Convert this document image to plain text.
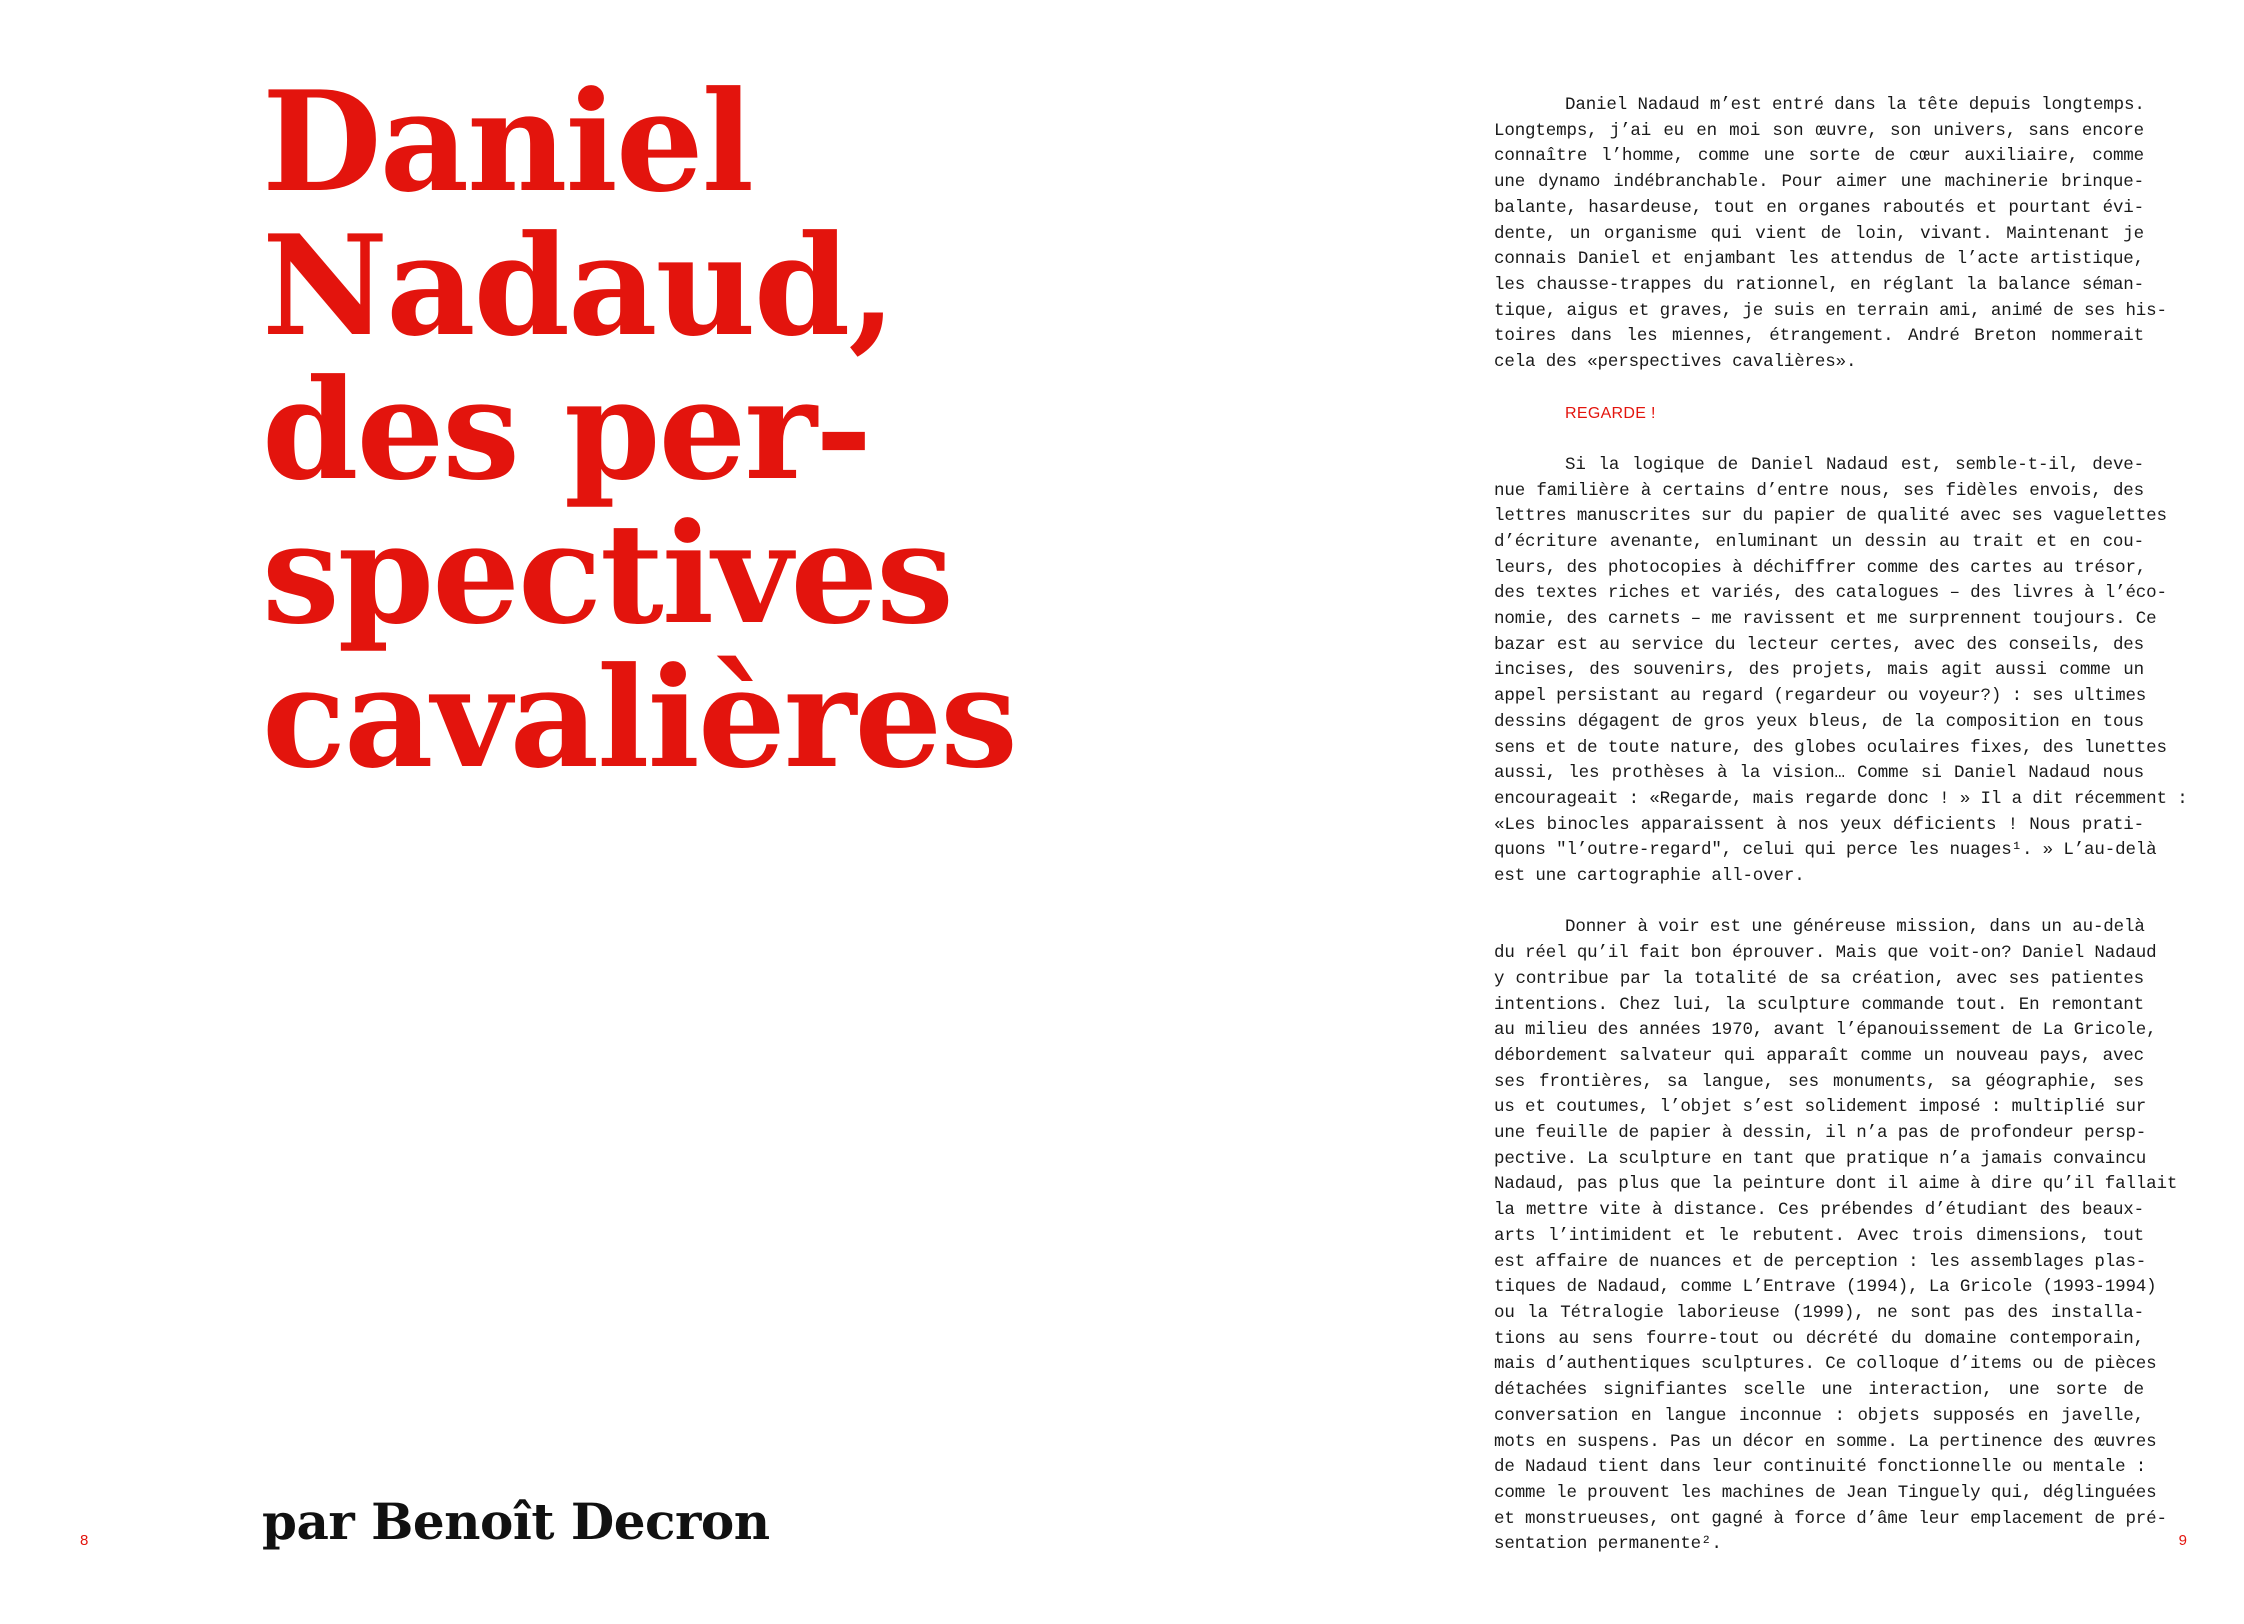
Daniel
Nadaud,
des per-
spectives
cavalières
par Benoît Decron
8

Daniel Nadaud m’est entré dans la tête depuis longtemps.
Longtemps, j’ai eu en moi son œuvre, son univers, sans encore
connaître l’homme, comme une sorte de cœur auxiliaire, comme
une dynamo indébranchable. Pour aimer une machinerie brinque-
balante, hasardeuse, tout en organes raboutés et pourtant évi-
dente, un organisme qui vient de loin, vivant. Maintenant je
connais Daniel et enjambant les attendus de l’acte artistique,
les chausse-trappes du rationnel, en réglant la balance séman-
tique, aigus et graves, je suis en terrain ami, animé de ses his-
toires dans les miennes, étrangement. André Breton nommerait
cela des «perspectives cavalières».

REGARDE !

Si la logique de Daniel Nadaud est, semble-t-il, deve-
nue familière à certains d’entre nous, ses fidèles envois, des
lettres manuscrites sur du papier de qualité avec ses vaguelettes
d’écriture avenante, enluminant un dessin au trait et en cou-
leurs, des photocopies à déchiffrer comme des cartes au trésor,
des textes riches et variés, des catalogues – des livres à l’éco-
nomie, des carnets – me ravissent et me surprennent toujours. Ce
bazar est au service du lecteur certes, avec des conseils, des
incises, des souvenirs, des projets, mais agit aussi comme un
appel persistant au regard (regardeur ou voyeur?) : ses ultimes
dessins dégagent de gros yeux bleus, de la composition en tous
sens et de toute nature, des globes oculaires fixes, des lunettes
aussi, les prothèses à la vision… Comme si Daniel Nadaud nous
encourageait : «Regarde, mais regarde donc ! » Il a dit récemment :
«Les binocles apparaissent à nos yeux déficients ! Nous prati-
quons "l’outre-regard", celui qui perce les nuages¹. » L’au-delà
est une cartographie all-over.

Donner à voir est une généreuse mission, dans un au-delà
du réel qu’il fait bon éprouver. Mais que voit-on? Daniel Nadaud
y contribue par la totalité de sa création, avec ses patientes
intentions. Chez lui, la sculpture commande tout. En remontant
au milieu des années 1970, avant l’épanouissement de La Gricole,
débordement salvateur qui apparaît comme un nouveau pays, avec
ses frontières, sa langue, ses monuments, sa géographie, ses
us et coutumes, l’objet s’est solidement imposé : multiplié sur
une feuille de papier à dessin, il n’a pas de profondeur persp-
pective. La sculpture en tant que pratique n’a jamais convaincu
Nadaud, pas plus que la peinture dont il aime à dire qu’il fallait
la mettre vite à distance. Ces prébendes d’étudiant des beaux-
arts l’intimident et le rebutent. Avec trois dimensions, tout
est affaire de nuances et de perception : les assemblages plas-
tiques de Nadaud, comme L’Entrave (1994), La Gricole (1993-1994)
ou la Tétralogie laborieuse (1999), ne sont pas des installa-
tions au sens fourre-tout ou décrété du domaine contemporain,
mais d’authentiques sculptures. Ce colloque d’items ou de pièces
détachées signifiantes scelle une interaction, une sorte de
conversation en langue inconnue : objets supposés en javelle,
mots en suspens. Pas un décor en somme. La pertinence des œuvres
de Nadaud tient dans leur continuité fonctionnelle ou mentale :
comme le prouvent les machines de Jean Tinguely qui, déglinguées
et monstrueuses, ont gagné à force d’âme leur emplacement de pré-
sentation permanente².	9
